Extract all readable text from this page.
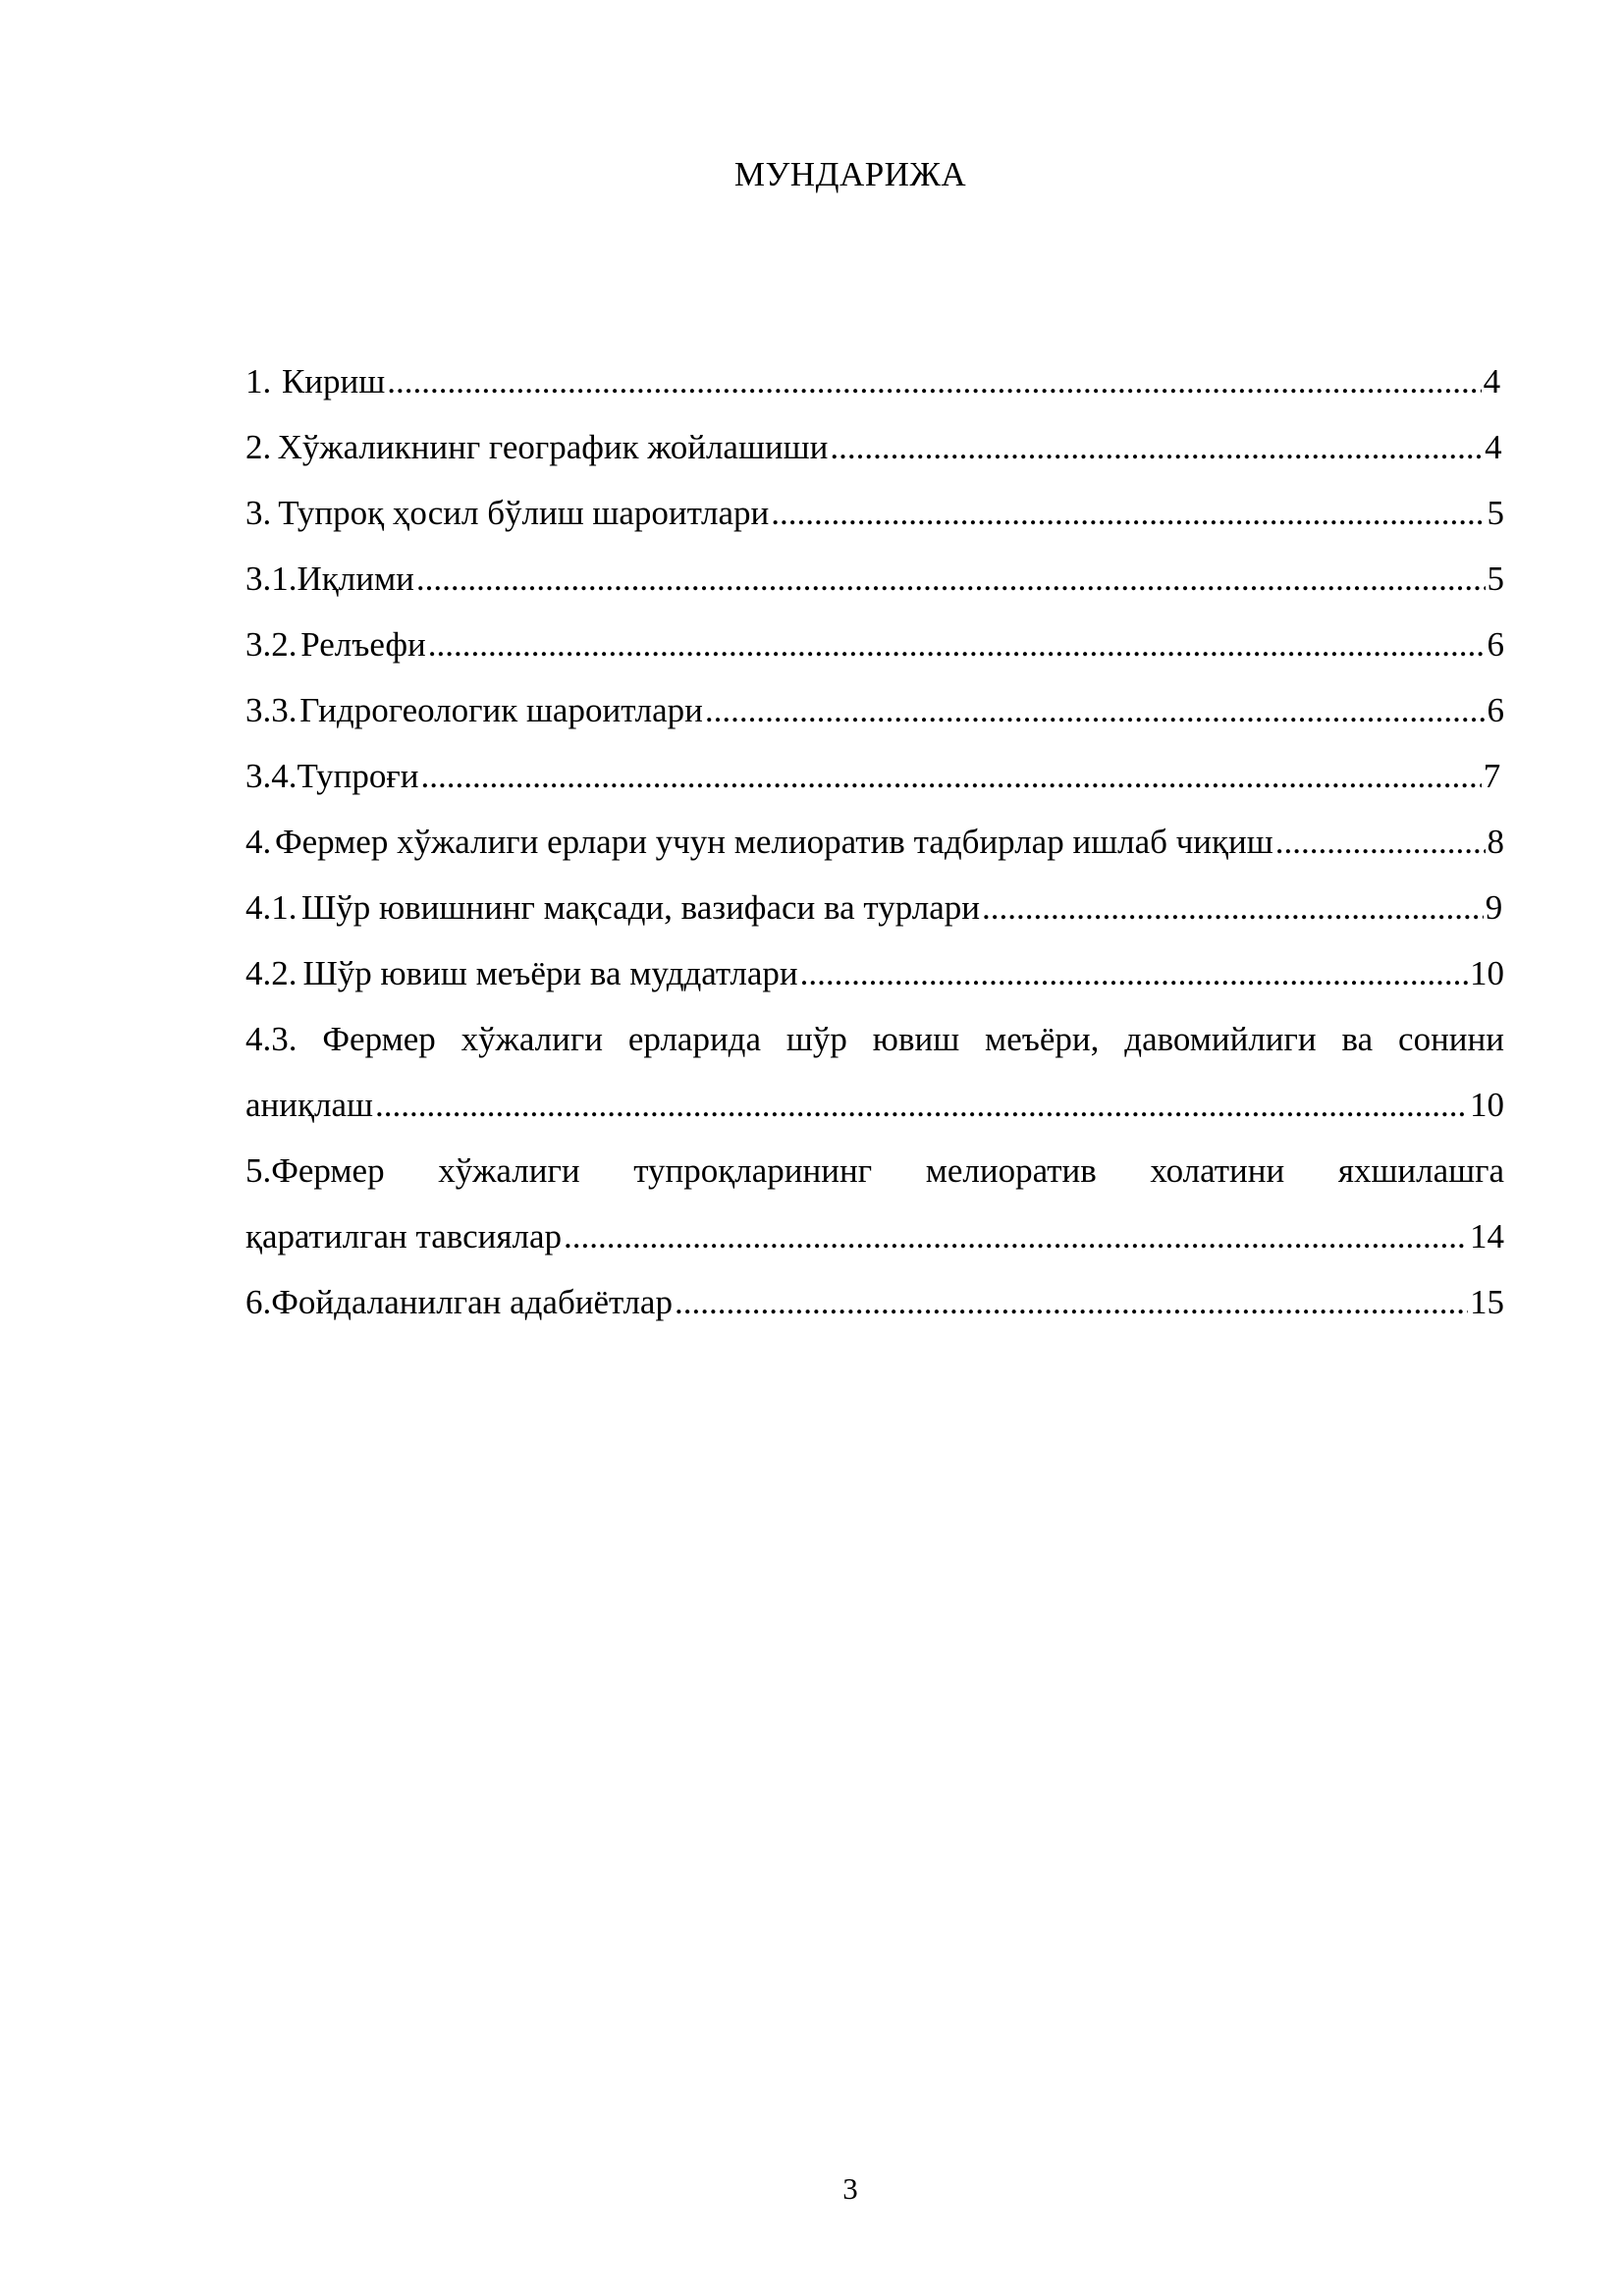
МУНДАРИЖА
1. Кириш .....	4
2. Хўжаликнинг географик жойлашиши .....	4
3. Тупроқ ҳосил бўлиш шароитлари .....	5
3.1. Иқлими .....	5
3.2. Релъефи .....	6
3.3. Гидрогеологик шароитлари .....	6
3.4. Тупроғи .....	7
4. Фермер хўжалиги ерлари учун мелиоратив тадбирлар ишлаб чиқиш .....	8
4.1. Шўр ювишнинг мақсади, вазифаси ва турлари .....	9
4.2. Шўр ювиш меъёри ва муддатлари .....	10
4.3. Фермер хўжалиги ерларида шўр ювиш меъёри, давомийлиги ва сонини
аниқлаш .....	10
5.Фермер хўжалиги тупроқларининг мелиоратив холатини яхшилашга
қаратилган тавсиялар .....	14
6.Фойдаланилган адабиётлар .....	15
3
